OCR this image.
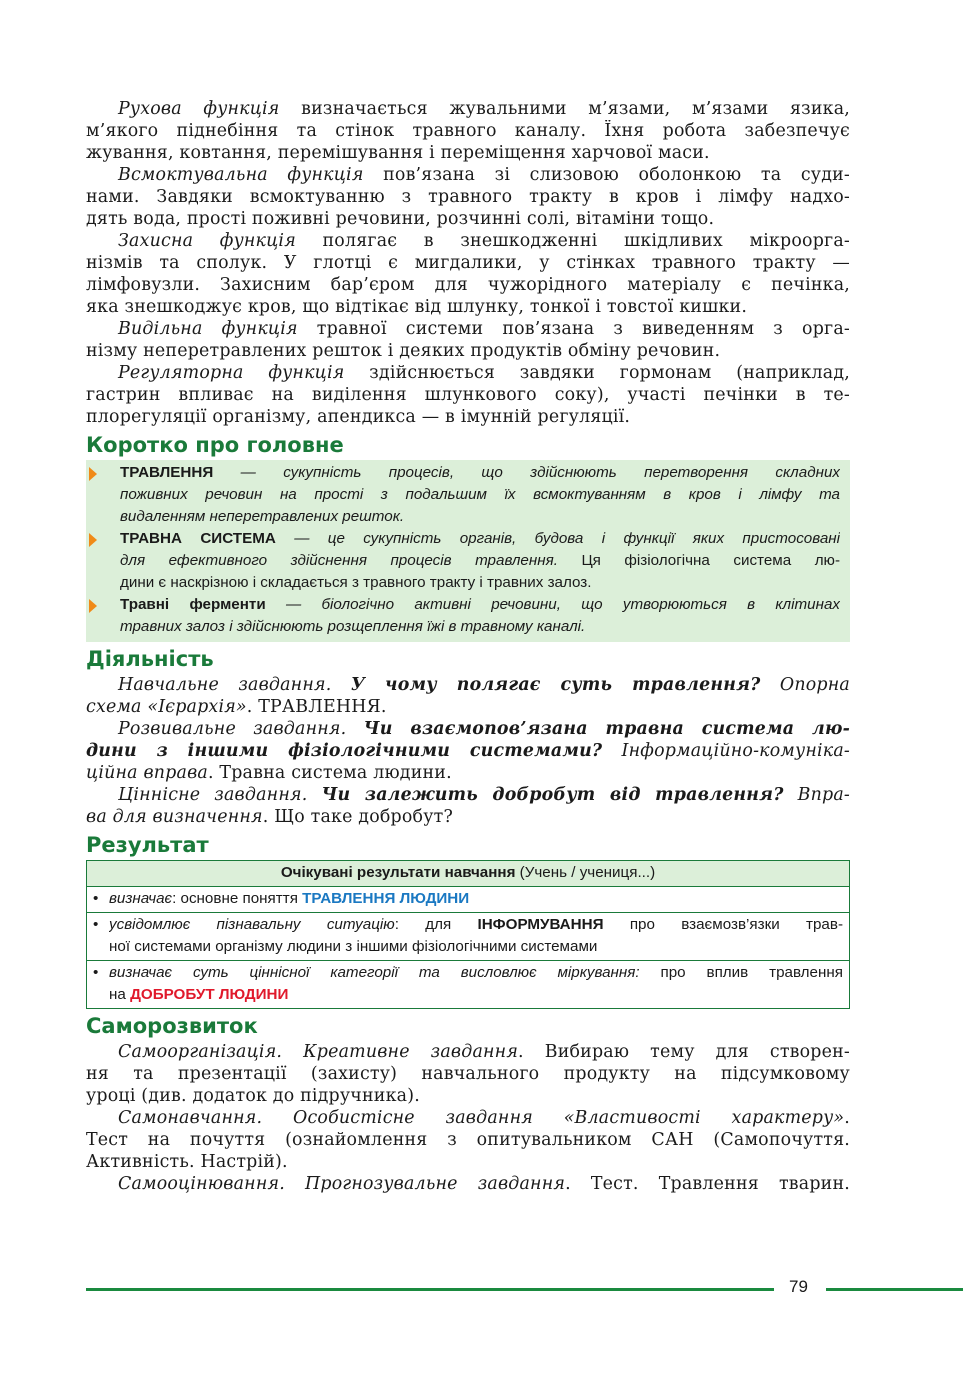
Рухова функція визначається жувальними м’язами, м’язами язика,
м’якого піднебіння та стінок травного каналу. Їхня робота забезпечує
жування, ковтання, перемішування і переміщення харчової маси.
Всмоктувальна функція пов’язана зі слизовою оболонкою та суди-
нами. Завдяки всмоктуванню з травного тракту в кров і лімфу надхо-
дять вода, прості поживні речовини, розчинні солі, вітаміни тощо.
Захисна функція полягає в знешкодженні шкідливих мікроорга-
нізмів та сполук. У глотці є мигдалики, у стінках травного тракту —
лімфовузли. Захисним бар’єром для чужорідного матеріалу є печінка,
яка знешкоджує кров, що відтікає від шлунку, тонкої і товстої кишки.
Видільна функція травної системи пов’язана з виведенням з орга-
нізму неперетравлених решток і деяких продуктів обміну речовин.
Регуляторна функція здійснюється завдяки гормонам (наприклад,
гастрин впливає на виділення шлункового соку), участі печінки в те-
плорегуляції організму, апендикса — в імунній регуляції.
Коротко про головне
ТРАВЛЕННЯ — сукупність процесів, що здійснюють перетворення складних
поживних речовин на прості з подальшим їх всмоктуванням в кров і лімфу та
видаленням неперетравлених решток.
ТРАВНА СИСТЕМА — це сукупність органів, будова і функції яких пристосовані
для ефективного здійснення процесів травлення. Ця фізіологічна система лю-
дини є наскрізною і складається з травного тракту і травних залоз.
Травні ферменти — біологічно активні речовини, що утворюються в клітинах
травних залоз і здійснюють розщеплення їжі в травному каналі.
Діяльність
Навчальне завдання. У чому полягає суть травлення? Опорна
схема «Ієрархія». ТРАВЛЕННЯ.
Розвивальне завдання. Чи взаємопов’язана травна система лю-
дини з іншими фізіологічними системами? Інформаційно-комуніка-
ційна вправа. Травна система людини.
Ціннісне завдання. Чи залежить добробут від травлення? Впра-
ва для визначення. Що таке добробут?
Результат
Очікувані результати навчання (Учень / учениця...)

• визначає: основне поняття ТРАВЛЕННЯ ЛЮДИНИ

• усвідомлює пізнавальну ситуацію: для ІНФОРМУВАННЯ про взаємозв’язки трав-
ної системами організму людини з іншими фізіологічними системами

• визначає суть ціннісної категорії та висловлює міркування: про вплив травлення
на ДОБРОБУТ ЛЮДИНИ
Саморозвиток
Самоорганізація. Креативне завдання. Вибираю тему для створен-
ня та презентації (захисту) навчального продукту на підсумковому
уроці (див. додаток до підручника).
Самонавчання. Особистісне завдання «Властивості характеру».
Тест на почуття (ознайомлення з опитувальником САН (Самопочуття.
Активність. Настрій).
Самооцінювання. Прогнозувальне завдання. Тест. Травлення тварин.
79
